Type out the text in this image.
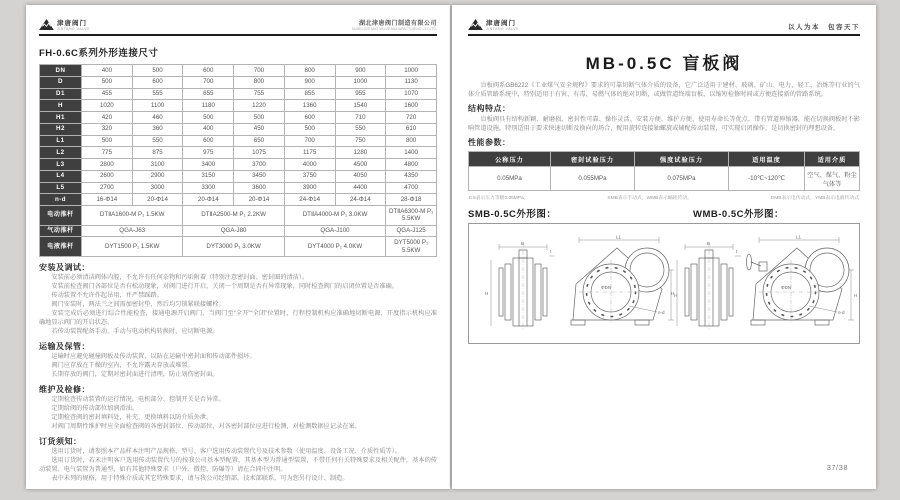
津唐阀门
JINTANG VALVE
湖北津唐阀门制造有限公司
HUBEI JINTANG VALVE MANUFACTURING CO.,LTD.
FH-0.6C系列外形连接尺寸
DN	400	500	600	700	800	900	1000
D	500	600	700	800	900	1000	1130
D1	455	555	655	755	855	955	1070
H	1020	1100	1180	1220	1360	1540	1600
H1	420	460	500	500	600	710	720
H2	320	360	400	450	500	550	610
L1	500	550	600	650	700	750	800
L2	775	875	975	1075	1175	1280	1400
L3	2800	3100	3400	3700	4000	4500	4800
L4	2600	2900	3150	3450	3750	4050	4350
L5	2700	3000	3300	3600	3900	4400	4700
n-d	16-Φ14	20-Φ14	20-Φ14	20-Φ14	24-Φ14	24-Φ14	28-Φ18
电动推杆	DTⅡA1600-M P₁ 1.5KW		DTⅡA2500-M P₁ 2.2KW		DTⅡA4000-M P₁ 3.0KW		DTⅡA6300-M P₁ 5.5KW
气动推杆	QGA-J63		QGA-J80		QGA-J100		QGA-J125
电液推杆	DYT1500 P₁ 1.5KW		DYT3000 P₁ 3.0KW		DYT4000 P₁ 4.0KW		DYT5000 P₁ 5.5KW
安装及调试：

安装前必须清洁阀体内腔，不允许有任何杂物和污垢附着（特别注意密封面、密封圈的清洁）。

安装前检查阀门各部位是否有松动现象，对阀门进行开启、关闭一个周期是否有异常现象，同时检查阀门的启闭位置是否准确。

传动装置不允许作起吊用，并严禁踩踏。

阀门安装时，两法兰之间需加密封垫，然后均匀锁紧联接螺栓。

安装完成后必须进行综合性能检查，接通电源开启阀门，当阀门至“全开”“全闭”位置时，行程控制机构应准确地切断电源，开度指示机构应准确地显示阀门的开启状态。

若传动装置配备手动，手动与电动机构转换时，应切断电源。

运输及保管：

运输时应避免碰撞阀板及传动装置，以防在运输中密封面和传动部件损坏。

阀门应存放在干燥的室内，不允许露天存放或堆置。

长期存放的阀门，定期对密封面进行清理，防止划伤密封面。

维护及检修：

定期检查传动装置的运行情况，电机部分、控制开关是否异常。

定期给阀的传动部位加润滑油。

定期检查阀的密封填料处，补充、更换填料以防介质外泄。

对阀门周期性维护时应全面检查阀的各密封部位、传动部位，对各密封部位应进行检测，对检测数据应记录在案。

订货须知：

选用订货时，请参照本产品样本注明产品规格、型号、客户选用传动装置代号及技术参数（使用温度、设备工况、介质性质等）。

选用订货时，若未注明客户选用传动装置代号的按我公司基本型配置，其基本型为普通型装置，不带任何有关特殊要求及相关配件，基本的传动装置、电气装置为普通型，如有其他特殊要求（户外、微控、防爆等）请在合同中注明。

表中未列的规格，用于特殊介质或其它特殊要求，请与我公司经销部、技术部联系，可为您另行设计、制造。

津唐阀门
JINTANG VALVE	以人为本　包容天下
MB-0.5C 盲板阀

盲板阀系GB6222《工业煤气安全规程》要求的可靠切断气体介质的设备，它广泛适用于建材、玻璃、矿山、电力、轻工、冶炼等行业的气体介质管路系统中，特别适用于有害、有毒、易燃气体的绝对切断，或做管道终端盲板，以缩短检修时间或方便连接新的管路系统。

结构特点：

盲板阀具有结构新颖、耐磨损、密封性可靠、操作灵活、安装方便、维护方便、使用寿命长等优点，带有管道伸缩器，能在切换阀板时不影响管道设施，特别适用于要求快速切断及换向的场合，配用旋转连接轴螺旋或辅配传动装置，可实现启闭操作，是切换密封的理想设备。

性能参数：
公称压力	密封试验压力	强度试验压力	适用温度	适用介质
0.05MPa	0.055MPa	0.075MPa	-10℃~120℃	空气、煤气、粉尘气体等
0.5表示压力等级0.05MPa。	SMB表示手动式，WMB表示蜗轮传动。	DMB表示电传动式，YMB表示电液传动式
SMB-0.5C外形图：	WMB-0.5C外形图：
B
H
t
L1
ΦDN
H
n-d
37/38
